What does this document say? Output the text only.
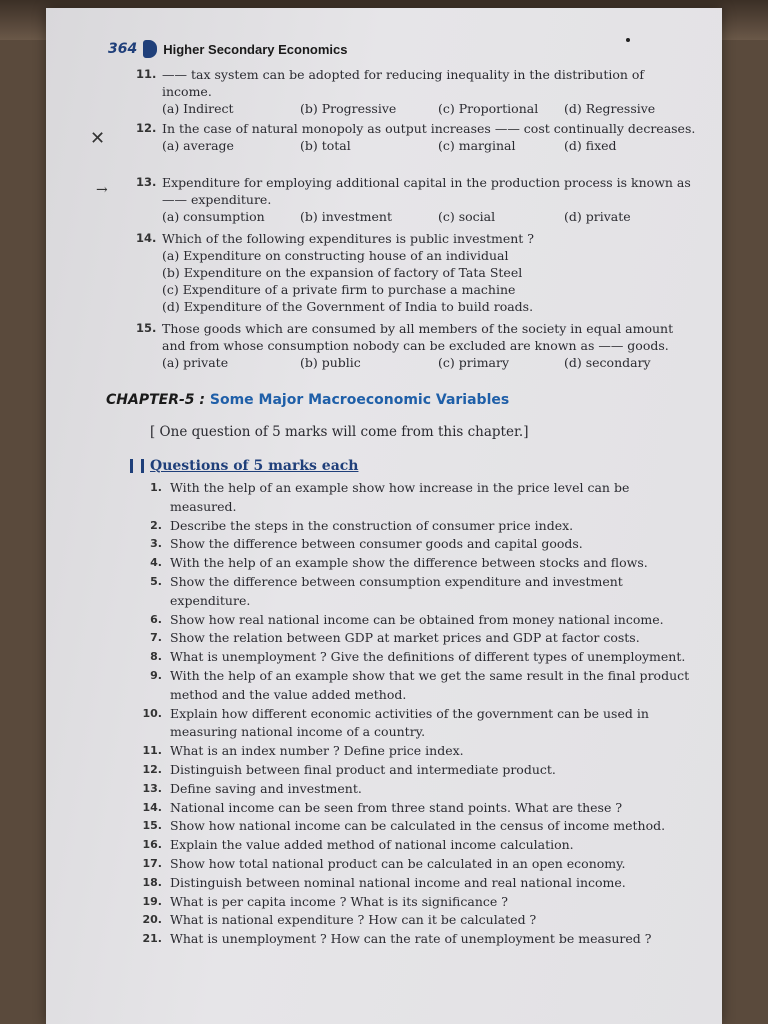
364 Higher Secondary Economics
✕
→
11. —— tax system can be adopted for reducing inequality in the distribution of income.
(a) Indirect	(b) Progressive	(c) Proportional (d) Regressive
12. In the case of natural monopoly as output increases —— cost continually decreases.
(a) average	(b) total	(c) marginal	(d) fixed
13. Expenditure for employing additional capital in the production process is known as —— expenditure.
(a) consumption	(b) investment	(c) social	(d) private
14. Which of the following expenditures is public investment ?
(a) Expenditure on constructing house of an individual
(b) Expenditure on the expansion of factory of Tata Steel
(c) Expenditure of a private firm to purchase a machine
(d) Expenditure of the Government of India to build roads.
15. Those goods which are consumed by all members of the society in equal amount and from whose consumption nobody can be excluded are known as —— goods.
(a) private	(b) public	(c) primary	(d) secondary
CHAPTER-5 : Some Major Macroeconomic Variables
[ One question of 5 marks will come from this chapter.]
Questions of 5 marks each
1. With the help of an example show how increase in the price level can be measured.
2. Describe the steps in the construction of consumer price index.
3. Show the difference between consumer goods and capital goods.
4. With the help of an example show the difference between stocks and flows.
5. Show the difference between consumption expenditure and investment expenditure.
6. Show how real national income can be obtained from money national income.
7. Show the relation between GDP at market prices and GDP at factor costs.
8. What is unemployment ? Give the definitions of different types of unemployment.
9. With the help of an example show that we get the same result in the final product method and the value added method.
10. Explain how different economic activities of the government can be used in measuring national income of a country.
11. What is an index number ? Define price index.
12. Distinguish between final product and intermediate product.
13. Define saving and investment.
14. National income can be seen from three stand points. What are these ?
15. Show how national income can be calculated in the census of income method.
16. Explain the value added method of national income calculation.
17. Show how total national product can be calculated in an open economy.
18. Distinguish between nominal national income and real national income.
19. What is per capita income ? What is its significance ?
20. What is national expenditure ? How can it be calculated ?
21. What is unemployment ? How can the rate of unemployment be measured ?
